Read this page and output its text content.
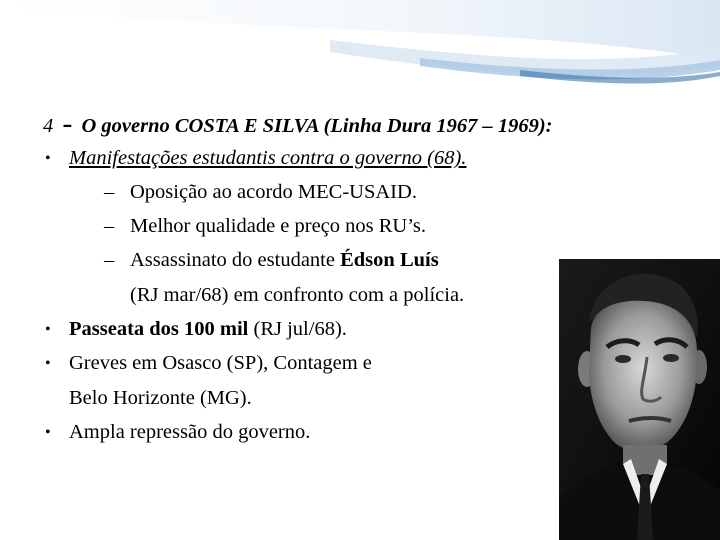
4 - O governo COSTA E SILVA (Linha Dura 1967 – 1969):
• Manifestações estudantis contra o governo (68).
– Oposição ao acordo MEC-USAID.
– Melhor qualidade e preço nos RU’s.
– Assassinato do estudante Édson Luís
(RJ mar/68) em confronto com a polícia.
• Passeata dos 100 mil (RJ jul/68).
• Greves em Osasco (SP), Contagem e
Belo Horizonte (MG).
• Ampla repressão do governo.
